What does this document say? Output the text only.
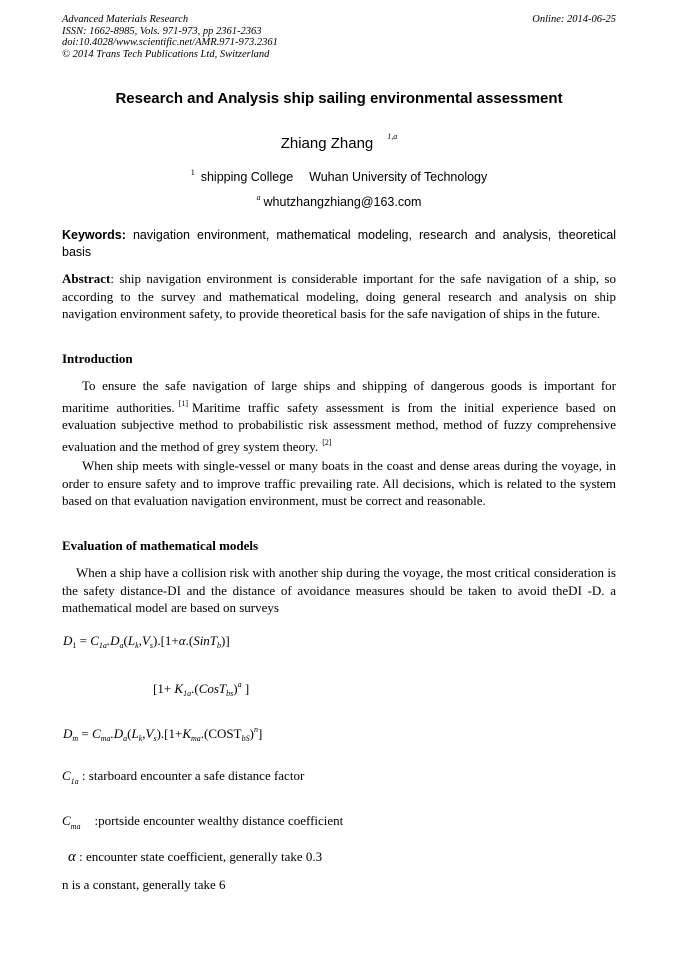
Advanced Materials Research
ISSN: 1662-8985, Vols. 971-973, pp 2361-2363
doi:10.4028/www.scientific.net/AMR.971-973.2361
© 2014 Trans Tech Publications Ltd, Switzerland
Online: 2014-06-25
Research and Analysis ship sailing environmental assessment
Zhiang Zhang $^{1,a}$
$^1$ shipping College Wuhan University of Technology
$^a$ whutzhangzhiang@163.com
Keywords: navigation environment, mathematical modeling, research and analysis, theoretical basis
Abstract: ship navigation environment is considerable important for the safe navigation of a ship, so according to the survey and mathematical modeling, doing general research and analysis on ship navigation environment safety, to provide theoretical basis for the safe navigation of ships in the future.
Introduction
To ensure the safe navigation of large ships and shipping of dangerous goods is important for maritime authorities. [1] Maritime traffic safety assessment is from the initial experience based on evaluation subjective method to probabilistic risk assessment method, method of fuzzy comprehensive evaluation and the method of grey system theory. [2]
When ship meets with single-vessel or many boats in the coast and dense areas during the voyage, in order to ensure safety and to improve traffic prevailing rate. All decisions, which is related to the system based on that evaluation navigation environment, must be correct and reasonable.
Evaluation of mathematical models
When a ship have a collision risk with another ship during the voyage, the most critical consideration is the safety distance-DI and the distance of avoidance measures should be taken to avoid theDI -D. a mathematical model are based on surveys
$D_1$ = $C_{1a}.D_a(L_k,V_s).[1+\alpha.(SinT_b)]$
[$1+ K_{1a}.(CosT_{bs})^a$ ]
$D_m$ = $C_{ma}.D_a(L_k,V_s).[1+K_{ma}.(COST_{bS})^n]$
$C_{1a}$ : starboard encounter a safe distance factor
$C_{ma}$ :portside encounter wealthy distance coefficient
α : encounter state coefficient, generally take 0.3
n is a constant, generally take 6
